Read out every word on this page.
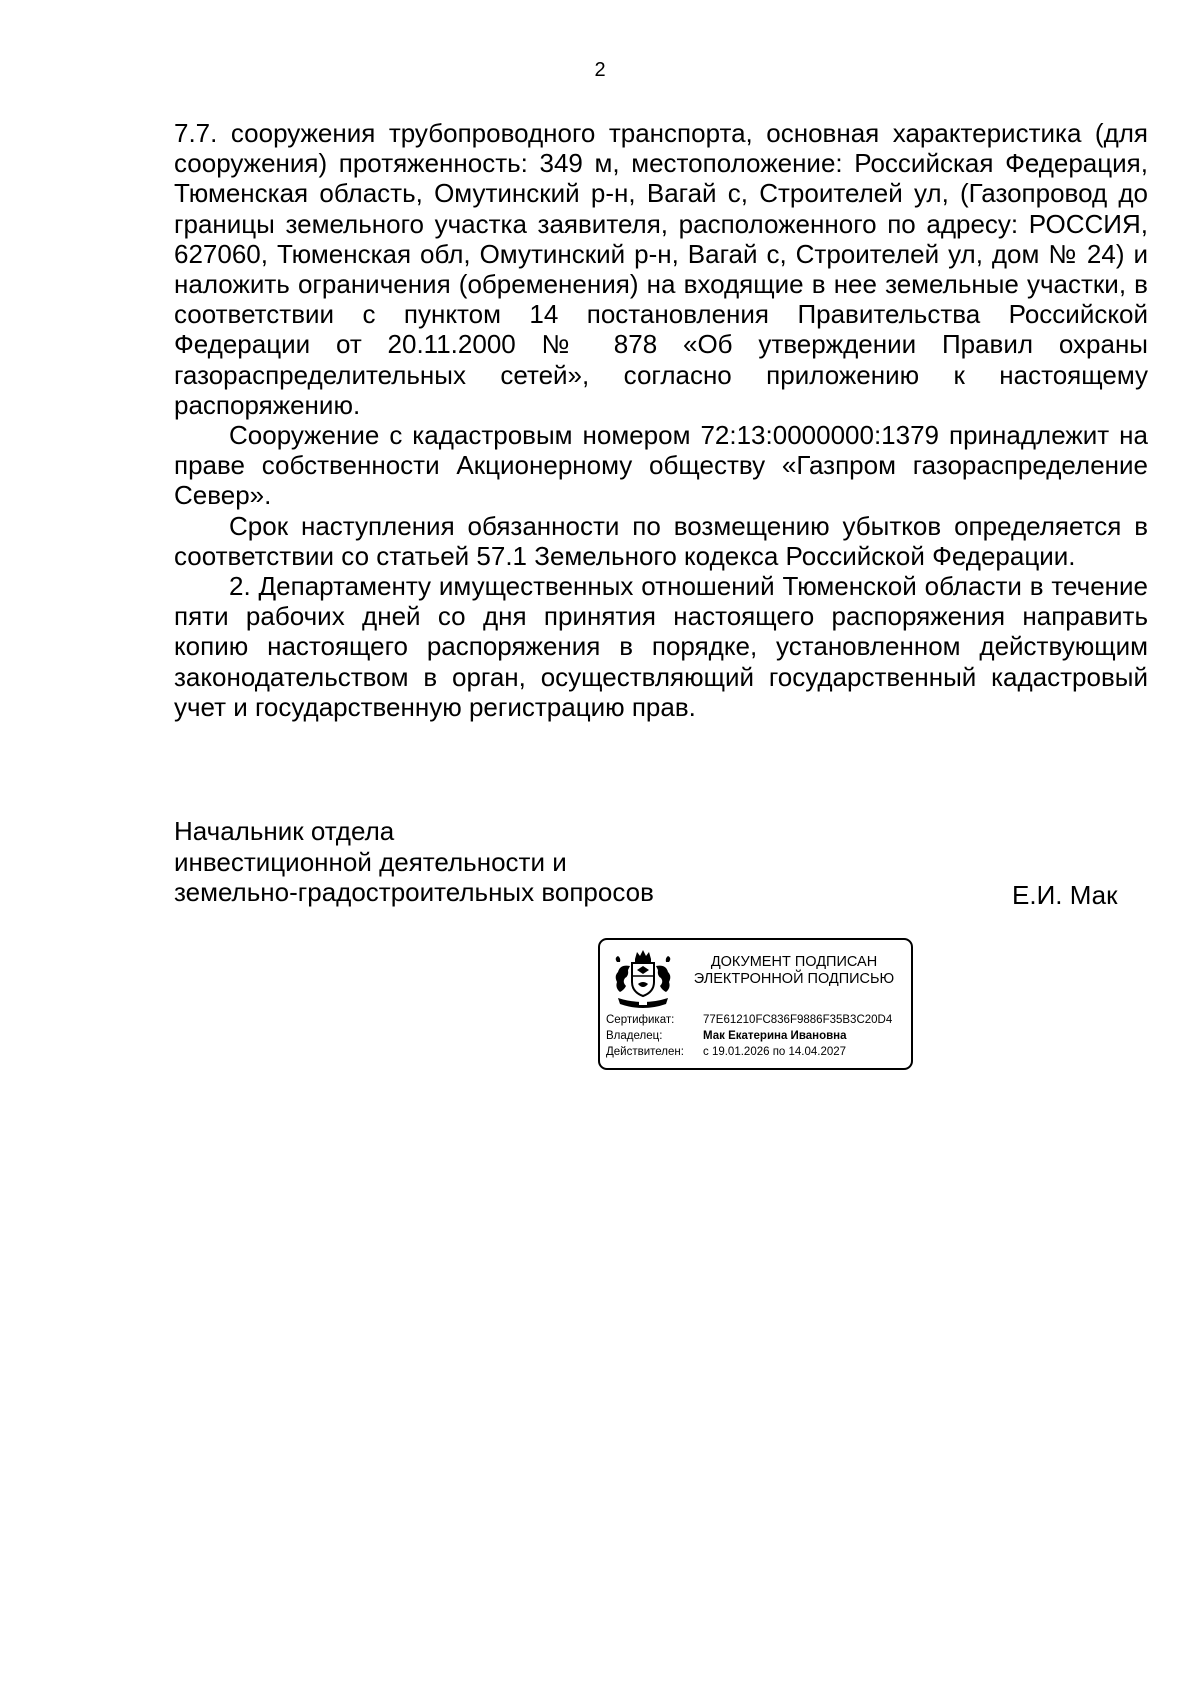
2

7.7. сооружения трубопроводного транспорта, основная характеристика (для сооружения) протяженность: 349 м, местоположение: Российская Федерация, Тюменская область, Омутинский р-н, Вагай с, Строителей ул, (Газопровод до границы земельного участка заявителя, расположенного по адресу: РОССИЯ, 627060, Тюменская обл, Омутинский р-н, Вагай с, Строителей ул, дом № 24) и наложить ограничения (обременения) на входящие в нее земельные участки, в соответствии с пунктом 14 постановления Правительства Российской Федерации от 20.11.2000 № 878 «Об утверждении Правил охраны газораспределительных сетей», согласно приложению к настоящему распоряжению.

Сооружение с кадастровым номером 72:13:0000000:1379 принадлежит на праве собственности Акционерному обществу «Газпром газораспределение Север».

Срок наступления обязанности по возмещению убытков определяется в соответствии со статьей 57.1 Земельного кодекса Российской Федерации.

2. Департаменту имущественных отношений Тюменской области в течение пяти рабочих дней со дня принятия настоящего распоряжения направить копию настоящего распоряжения в порядке, установленном действующим законодательством в орган, осуществляющий государственный кадастровый учет и государственную регистрацию прав.

Начальник отдела
инвестиционной деятельности и
земельно-градостроительных вопросов	Е.И. Мак
ДОКУМЕНТ ПОДПИСАН
ЭЛЕКТРОННОЙ ПОДПИСЬЮ
Сертификат:	77E61210FC836F9886F35B3C20D4
Владелец:	Мак Екатерина Ивановна
Действителен:	с 19.01.2026 по 14.04.2027
